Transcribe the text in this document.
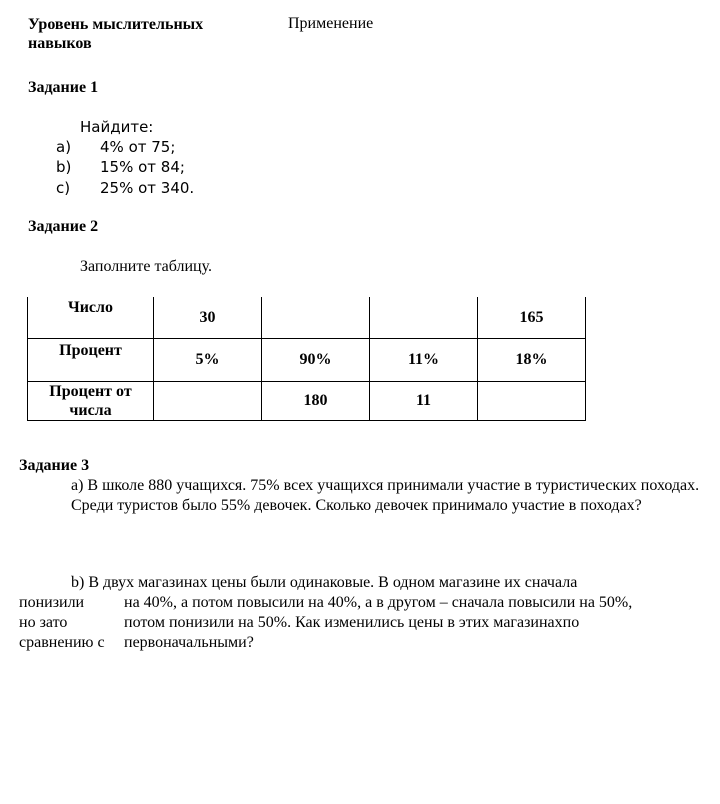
Уровень мыслительных
навыков
Применение
Задание 1
Найдите:
a) 4% от 75;
b) 15% от 84;
c) 25% от 340.
Задание 2
Заполните таблицу.
Число	30			165
Процент	5%	90%	11%	18%

Процент от
числа		180	11	
Задание 3
а) В школе 880 учащихся. 75% всех учащихся принимали участие в туристических походах. Среди туристов было 55% девочек. Сколько девочек принимало участие в походах?
b) В двух магазинах цены были одинаковые. В одном магазине их сначала
понизили на 40%, а потом повысили на 40%, а в другом – сначала повысили на 50%,
но зато	потом понизили на 50%. Как изменились цены в этих магазинахпо
сравнению с первоначальными?
